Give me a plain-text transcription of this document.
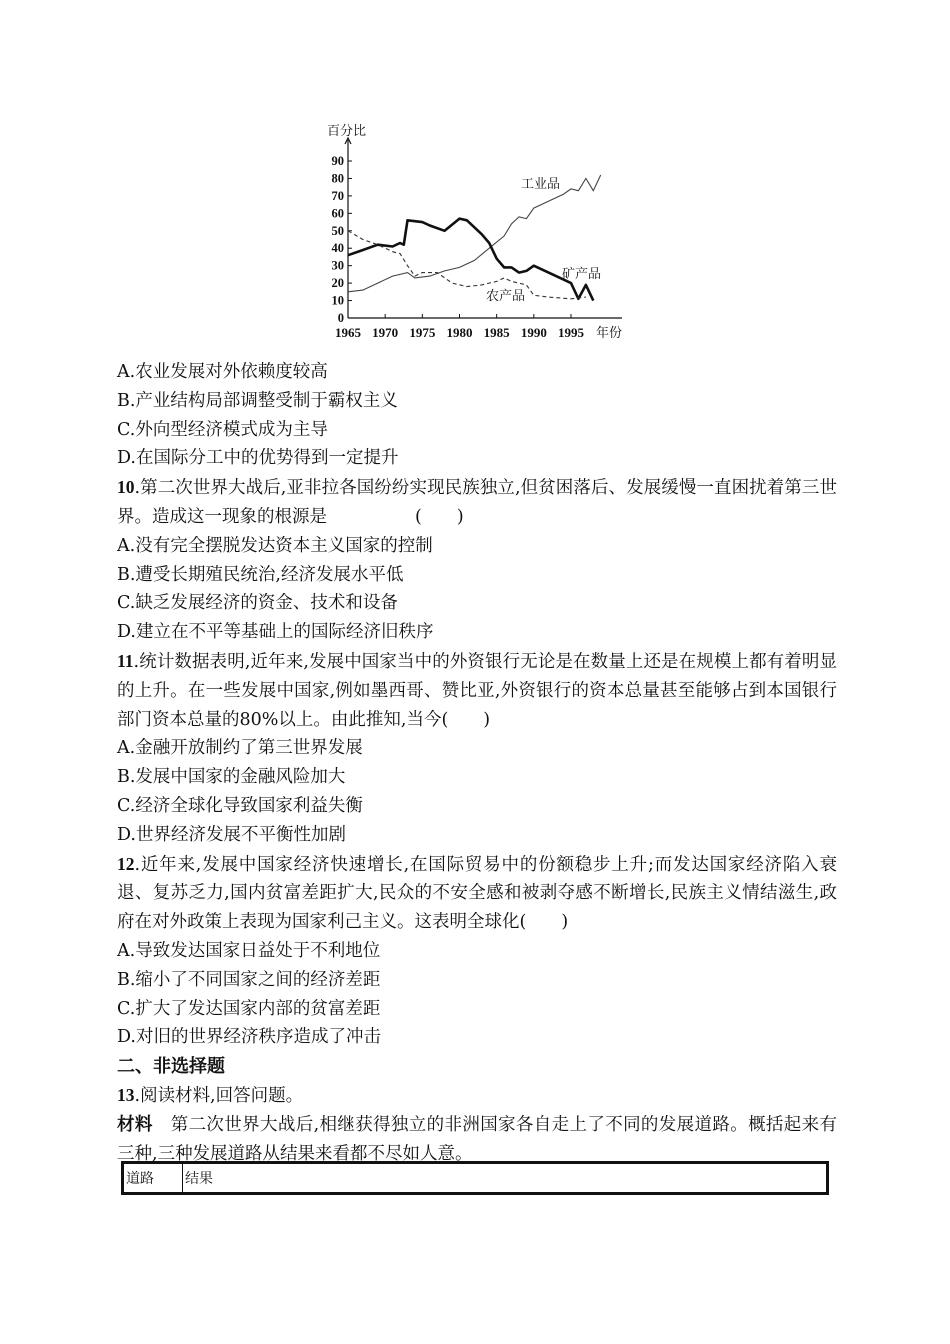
百分比
0
10
20
30
40
50
60
70
80
90
1965 1970 1975 1980 1985 1990 1995 年份
工业品
矿产品
农产品
A.农业发展对外依赖度较高
B.产业结构局部调整受制于霸权主义
C.外向型经济模式成为主导
D.在国际分工中的优势得到一定提升
10.第二次世界大战后,亚非拉各国纷纷实现民族独立,但贫困落后、发展缓慢一直困扰着第三世界。造成这一现象的根源是	(　　)
A.没有完全摆脱发达资本主义国家的控制
B.遭受长期殖民统治,经济发展水平低
C.缺乏发展经济的资金、技术和设备
D.建立在不平等基础上的国际经济旧秩序
11.统计数据表明,近年来,发展中国家当中的外资银行无论是在数量上还是在规模上都有着明显的上升。在一些发展中国家,例如墨西哥、赞比亚,外资银行的资本总量甚至能够占到本国银行部门资本总量的80%以上。由此推知,当今(　　)
A.金融开放制约了第三世界发展
B.发展中国家的金融风险加大
C.经济全球化导致国家利益失衡
D.世界经济发展不平衡性加剧
12.近年来,发展中国家经济快速增长,在国际贸易中的份额稳步上升;而发达国家经济陷入衰退、复苏乏力,国内贫富差距扩大,民众的不安全感和被剥夺感不断增长,民族主义情结滋生,政府在对外政策上表现为国家利己主义。这表明全球化(　　)
A.导致发达国家日益处于不利地位
B.缩小了不同国家之间的经济差距
C.扩大了发达国家内部的贫富差距
D.对旧的世界经济秩序造成了冲击
二、非选择题
13.阅读材料,回答问题。
材料 第二次世界大战后,相继获得独立的非洲国家各自走上了不同的发展道路。概括起来有三种,三种发展道路从结果来看都不尽如人意。
道路	结果
